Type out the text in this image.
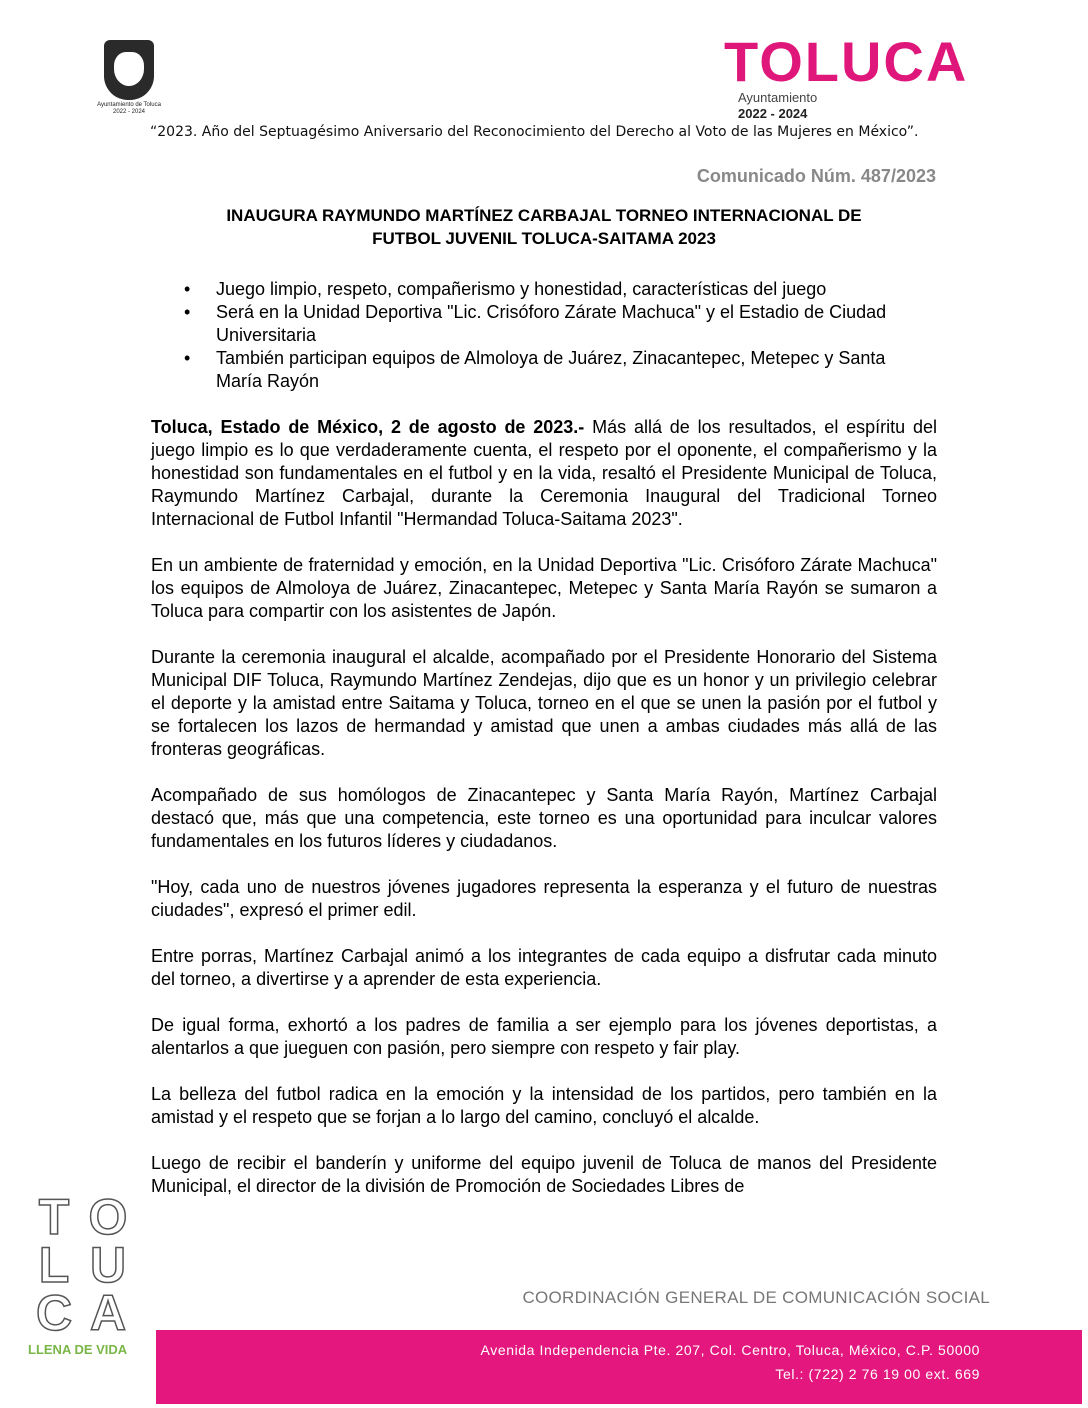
Ayuntamiento de Toluca
2022 - 2024
TOLUCA
Ayuntamiento
2022 - 2024
“2023. Año del Septuagésimo Aniversario del Reconocimiento del Derecho al Voto de las Mujeres en México”.
Comunicado Núm. 487/2023
INAUGURA RAYMUNDO MARTÍNEZ CARBAJAL TORNEO INTERNACIONAL DE
FUTBOL JUVENIL TOLUCA-SAITAMA 2023
• Juego limpio, respeto, compañerismo y honestidad, características del juego
• Será en la Unidad Deportiva "Lic. Crisóforo Zárate Machuca" y el Estadio de Ciudad Universitaria
• También participan equipos de Almoloya de Juárez, Zinacantepec, Metepec y Santa María Rayón

Toluca, Estado de México, 2 de agosto de 2023.- Más allá de los resultados, el espíritu del juego limpio es lo que verdaderamente cuenta, el respeto por el oponente, el compañerismo y la honestidad son fundamentales en el futbol y en la vida, resaltó el Presidente Municipal de Toluca, Raymundo Martínez Carbajal, durante la Ceremonia Inaugural del Tradicional Torneo Internacional de Futbol Infantil "Hermandad Toluca-Saitama 2023".

En un ambiente de fraternidad y emoción, en la Unidad Deportiva "Lic. Crisóforo Zárate Machuca" los equipos de Almoloya de Juárez, Zinacantepec, Metepec y Santa María Rayón se sumaron a Toluca para compartir con los asistentes de Japón.

Durante la ceremonia inaugural el alcalde, acompañado por el Presidente Honorario del Sistema Municipal DIF Toluca, Raymundo Martínez Zendejas, dijo que es un honor y un privilegio celebrar el deporte y la amistad entre Saitama y Toluca, torneo en el que se unen la pasión por el futbol y se fortalecen los lazos de hermandad y amistad que unen a ambas ciudades más allá de las fronteras geográficas.

Acompañado de sus homólogos de Zinacantepec y Santa María Rayón, Martínez Carbajal destacó que, más que una competencia, este torneo es una oportunidad para inculcar valores fundamentales en los futuros líderes y ciudadanos.

"Hoy, cada uno de nuestros jóvenes jugadores representa la esperanza y el futuro de nuestras ciudades", expresó el primer edil.

Entre porras, Martínez Carbajal animó a los integrantes de cada equipo a disfrutar cada minuto del torneo, a divertirse y a aprender de esta experiencia.

De igual forma, exhortó a los padres de familia a ser ejemplo para los jóvenes deportistas, a alentarlos a que jueguen con pasión, pero siempre con respeto y fair play.

La belleza del futbol radica en la emoción y la intensidad de los partidos, pero también en la amistad y el respeto que se forjan a lo largo del camino, concluyó el alcalde.

Luego de recibir el banderín y uniforme del equipo juvenil de Toluca de manos del Presidente Municipal, el director de la división de Promoción de Sociedades Libres de

T O
L U
C A
LLENA DE VIDA
COORDINACIÓN GENERAL DE COMUNICACIÓN SOCIAL
Avenida Independencia Pte. 207, Col. Centro, Toluca, México, C.P. 50000
Tel.: (722) 2 76 19 00 ext. 669
